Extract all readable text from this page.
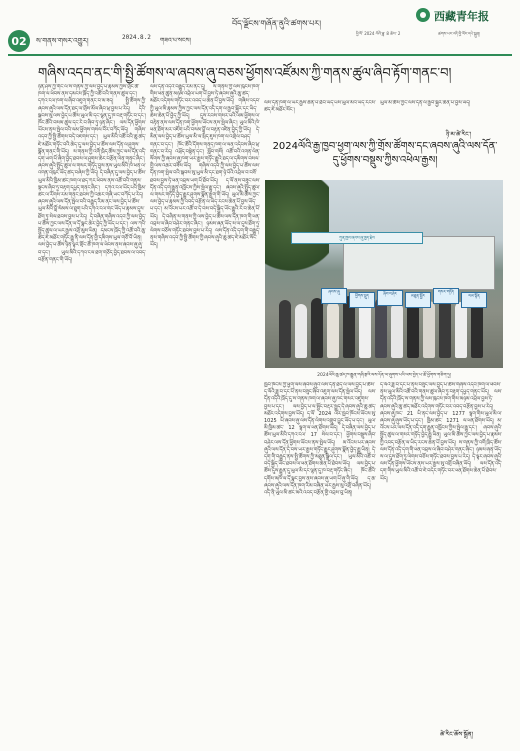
02	ས་གནས་གསར་འགྱུར།	2024.8.2 གཟའ་པ་སངས།
བོད་ལྗོངས་གཞོན་ནུའི་ཚགས་པར།
西藏青年报
ཕྱི་ལོ་ 2024 ལོའི་ཟླ་ 8 ཚེས་ 2	ཚགས་པར་འདི་ཕྱི་ལོར་དཔེ་སྐྲུན།
གཞིས་འདབ་ནང་གི་སྤྱི་ཚོགས་ལ་ཞབས་ཞུ་བཅས་ཕྱོགས་འཛོམས་ཀྱི་གནས་ཚུལ་ཞིབ་རྟོག་གནང་བ།
ཉིན་ཤས་ཀྱི་གོང་ལ་ས་གནས་ཀྱི་ལས་བྱེད་པ་རྣམས་ཀྱིས་གྲོང་ཚོ་ཁག་ལ་ཕེབས་ནས་དམངས་ཁྲོད་ཀྱི་འཚོ་བའི་གནས་ཚུལ་དང་། དཀའ་ངལ་ཁག་ལ་ཞིབ་འཇུག་གནང་བ་མ་ཟད། སྤྱི་ཚོགས་ཀྱི་ཞབས་ཞུའི་ལས་དོན་ཐད་ལ་གྲོས་མོལ་ཞིབ་ཕྲ་བྱས་པ་རེད། དེའི་སྐབས་སུ་ལས་བྱེད་པ་ཚོས་ཡུལ་མི་དང་ལྷན་དུ་ཁ་བརྡ་གཏོང་བ་དང་། ཁོང་ཚོའི་བསམ་ཚུལ་དང་རེ་བ་ཞིབ་ཏུ་ཉན་ཞིང་། ལས་དོན་ཕྱོགས་ཡོངས་ནས་སྤེལ་བའི་ལམ་ཕྱོགས་གསལ་བོར་བཀོད་ཡོད། གཞིས་འདབ་ཀྱི་སྤྱི་ཚོགས་བདེ་འཇགས་དང་། ཡུལ་མིའི་འཚོ་བའི་ཆུ་ཚད་ཇེ་མཐོར་གཏོང་བའི་ཆེད་དུ་ལས་བྱེད་པ་ཚོས་ལས་དོན་ལ་ཤུགས་སྣོན་གནང་གི་ཡོད། ས་གནས་ཀྱི་འགོ་ཁྲིད་ཚོས་ཀྱང་ལས་དོན་འདི་དག་ཡག་པོ་ཞིག་བྱེད་ཐབས་ལ་ཤུགས་ཆེར་བརྩོན་ལེན་གནང་ཞིང་། ཞབས་ཞུའི་སྤྱོད་ཚུལ་ལ་གསར་གཏོད་བྱས་ནས་ཡུལ་མིའི་ཁེ་ཕན་ལ་འགན་འཁུར་ཡོད་ཚད་བཞེས་ཀྱི་ཡོད། དེ་བཞིན་དུ་ལས་བྱེད་པ་ཚོས་ཡུལ་མིའི་ཁྱིམ་ཚང་ཁག་ལ་ཐད་ཀར་ཕེབས་ནས་འཚོ་བའི་གནས་སྟངས་ཞིབ་ཏུ་བརྟག་དཔྱད་གནང་ཞིང་། དཀའ་ངལ་ཡོད་པའི་ཁྱིམ་ཚང་ལ་རོགས་རམ་གནང་ཐབས་ཀྱི་འཆར་གཞི་ཡང་བཀོད་པ་རེད། ཞབས་ཞུའི་ལས་དོན་སྤེལ་བའི་བརྒྱུད་རིམ་ནང་ལས་བྱེད་པ་ཚོས་ཡུལ་མིའི་བློ་སེམས་ལ་ཐུག་པའི་དཀའ་ངལ་གང་ཡོད་པ་རྣམས་དུས་ཐོག་ཏུ་སེལ་ཐབས་བྱས་པ་རེད། དེ་བཞིན་གཞིས་འདབ་ཀྱི་ལས་བྱེད་པ་ཚོས་ཀྱང་ལས་དོན་ལ་དོ་སྣང་ཆེར་བྱེད་ཀྱི་ཡོད་པ་དང་། ལས་ཀའི་སྤྱོད་ཚུལ་ལ་ཡར་རྒྱས་འགྲོ་མུས་ཡིན། དམངས་ཁྲོད་ཀྱི་འཚོ་བའི་ཆུ་ཚད་ཇེ་མཐོར་གཏོང་རྒྱུ་ནི་ལས་དོན་གྱི་དམིགས་ཡུལ་གཙོ་བོ་ཡིན། ལས་བྱེད་པ་ཚོས་ཉིན་ལྟར་གྲོང་ཚོ་ཁག་ལ་ཕེབས་ནས་ཞབས་ཞུ་ཞུ་བ་དང་། ཡུལ་མིའི་དཀའ་ངལ་ཐག་གཅོད་བྱེད་ཐབས་ལ་འབད་བརྩོན་གནང་གི་ཡོད།
ལས་དོན་འདིའི་བརྒྱུད་རིམ་ནང་དུ། ས་གནས་ཀྱི་ལས་ཁུངས་ཁག་གིས་ཕན་ཚུན་མཉམ་འབྲེལ་ཡག་པོ་བྱས་ཏེ་ཞབས་ཞུའི་ཆུ་ཚད་མཐོར་འདེགས་གཏོང་བར་འབད་པ་ཆེན་པོ་བྱས་ཡོད། གཞིས་འདབ་ཀྱི་ཡུལ་མི་རྣམས་ཀྱིས་ཀྱང་ལས་དོན་འདི་དག་ལ་རྒྱབ་སྐྱོར་དང་ཡིད་ཆེས་ཆེན་པོ་བྱེད་ཀྱི་ཡོད། དུས་རབས་གསར་པའི་ལམ་ཕྱོགས་ལ་བརྟེན་ནས་ལས་དོན་ཁག་ཕྱོགས་ཡོངས་ནས་སྤེལ་ཞིང་། ཡུལ་མིའི་ཁེ་ཕན་ཐོག་མར་འཇོག་པའི་བསམ་བློ་ལ་བརྟན་འཛིན་བྱེད་ཀྱི་ཡོད། དེ་མིན་ལས་བྱེད་པ་ཚོས་ཡུལ་མི་ལ་སྲིད་ཇུས་ཁག་ལ་འགྲེལ་བཤད་གནང་བ་དང་། ཁོང་ཚོའི་དོགས་གནད་ཁག་ལ་ལན་འདེབས་ཞིབ་ཕྲ་གནང་བ་རེད། འཕྲོད་བསྟེན་དང་། སློབ་གསོ། འཚོ་བའི་འགན་ལེན་སོགས་ཀྱི་ཞབས་ཞུ་ཁག་ཡར་རྒྱས་གཏོང་རྒྱུའི་ཐད་ལ་དམིགས་བསལ་གྱི་ལས་འཆར་བཟོས་ཡོད། གཞིས་འདབ་ཀྱི་ལས་བྱེད་པ་ཚོས་ལས་དོན་ཁག་སྤེལ་བའི་སྐབས་སུ་ཡུལ་མི་དང་ཐག་ཉེ་པོའི་འབྲེལ་བ་བཟོ་ཐབས་བྱས་ཏེ་ཕན་འབྲས་ཡག་པོ་ཐོབ་ཡོད། ད་ལོ་ནས་བཟུང་ལས་དོན་འདི་དག་རྒྱུན་འཁྱོངས་ཀྱིས་སྤེལ་རྒྱུ་དང་། ཞབས་ཞུའི་སྤྱོད་ཚུལ་ལ་གསར་གཏོད་བྱེད་རྒྱུར་ཤུགས་སྣོན་རྒྱག་གི་ཡོད། ཡུལ་མི་ཚོས་ཀྱང་ལས་བྱེད་པ་རྣམས་ཀྱི་འབད་བརྩོན་ལ་ཡིད་རངས་ཆེན་པོ་བྱས་ཡོད་པ་དང་། མ་འོངས་པར་འཚོ་བ་དེ་བས་བདེ་སྐྱིད་ཡོང་རྒྱུའི་རེ་བ་ཆེན་པོ་ཡོད། དེ་བཞིན་ས་གནས་ཀྱི་ལས་བྱེད་པ་ཚོས་ལས་དོན་ཁག་གི་ཕན་འབྲས་ལ་ཞིབ་བཤེར་གནང་ཞིང་། ཉམས་ཞན་ཡོད་ས་ལ་དུས་ཐོག་ཏུ་ལེགས་བཅོས་གཏོང་ཐབས་བྱས་པ་རེད། ལས་དོན་འདི་དག་གི་བརྒྱུད་ནས་གཞིས་འདབ་ཀྱི་སྤྱི་ཚོགས་ཀྱི་ཞབས་ཞུའི་ཆུ་ཚད་ཇེ་མཐོར་སོང་ཡོད།
ལས་དོན་ཁག་ལ་ཡར་རྒྱས་ཆེན་པོ་ཐོབ་ཡོད་པས་ཡུལ་མིའི་ཡིད་རངས་ཚད་ཇེ་མཐོར་སོང་།
ཡུལ་མི་ཚོས་ཀྱང་ལས་དོན་ལ་རྒྱབ་སྐྱོར་ཆེན་པོ་བྱས་ཡོད།
ཉི་མ་ཚེ་རིང་།
2024ལོའི་རྒྱ་ཁྱབ་ཕྱག་ལས་ཀྱི་གྲོས་ཚོགས་དང་ཞབས་ཞུའི་ལས་དོན་དུ་ཕྱོགས་བསྡུས་ཀྱིས་འཕེལ་རྒྱས།
ཀུན་ཁྱབ་ཞབས་ཞུ་ཁྱད་རྗེས
ཞབས་ཞུ
ཕྱོགས་སྡུད	ཞིབ་བཤེར	མཐུན་སྦྱོར
གསར་གཏོད
ལམ་སྟོན
2024ལོའི་ཆུ་ཚད་ཁ་རྒྱུན་གཞི་རྩའི་ལས་དོན་ལ་ཞུགས་པའི་ལས་བྱེད་པ་ཚོ་ཕྱོགས་གཅིག་ཏུ།
ཁྱབ་ཁོངས་ཀྱི་ཕྱག་ལས་ཞབས་ཞུའི་ལས་དོན་ཐད་ལ་ལས་བྱེད་པ་ཚོས་ད་ལོའི་ཟླ་བ་དང་པོ་ནས་བཟུང་ཞིབ་འཇུག་ལས་དོན་སྤེལ་ཡོད། ལས་དོན་འདིའི་ཁྲོད་དུ་ས་གནས་ཁག་ལ་ཞབས་ཞུ་ཁང་གསར་འཛུགས་བྱས་པ་དང་། ལས་བྱེད་པ་ལ་སྦྱོང་བརྡར་སྤྲད་དེ་ཞབས་ཞུའི་ཆུ་ཚད་མཐོར་འདེགས་བྱས་ཡོད། ད་ལོ་ 2024 ལོར་ཁྱབ་ཁོངས་ཡོངས་སུ་ 1025 ཡི་ཞབས་ཞུ་ལས་དོན་ལེགས་འགྲུབ་བྱུང་ཡོད་པ་དང་། ཡུལ་མི་ཁྱིམ་ཚང་ 12 ལྷག་ལ་ཕན་ཐོགས་ཡོད། དེ་བཞིན་ལས་བྱེད་པ་ཚོས་ཡུལ་མིའི་དཀའ་ངལ་ 17 སེལ་བ་དང་། ཕྱོགས་བསྡུས་ཞིབ་བཤེར་ལས་དོན་ཕྱོགས་ཡོངས་ནས་སྤེལ་ཡོད། མ་འོངས་པར་ཞབས་ཞུའི་ལས་དོན་དེ་བས་ཡར་རྒྱས་གཏོང་རྒྱུར་ཤུགས་སྣོན་བྱེད་རྒྱུ་ཡིན། དེ་དག་གི་བརྒྱུད་ནས་སྤྱི་ཚོགས་ཀྱི་མཐུན་སྒྲིལ་དང་། ཡུལ་མིའི་འཚོ་བ་བདེ་སྐྱིད་ཡོང་ཐབས་ལ་ཕན་ཐོགས་ཆེན་པོ་ཐེབས་ཡོད། ལས་བྱེད་པ་ཚོས་དུས་རྒྱུན་དུ་ཡུལ་མི་དང་ལྷན་དུ་ཁ་བརྡ་གཏོང་ཞིང་། ཁོང་ཚོའི་དགོས་མཁོ་ལ་དོ་སྣང་བྱས་ནས་ཞབས་ཞུ་ཡག་པོ་ཞུ་གི་ཡོད། ད་ཆ་ཞབས་ཞུའི་ལས་དོན་ཁག་རིམ་བཞིན་ཡར་རྒྱས་སུ་འགྲོ་བཞིན་ཡོད། འདི་ནི་ཡུལ་མི་ཚང་མའི་འབད་བརྩོན་གྱི་འབྲས་བུ་ཡིན།
ད་ལོའི་ཟླ་བ་དང་པོ་ནས་བཟུང་ལས་བྱེད་པ་ཚོས་གཞིས་འདབ་ཁག་ལ་ཕེབས་ནས་ཡུལ་མིའི་འཚོ་བའི་གནས་ཚུལ་ཞིབ་ཏུ་བརྟག་དཔྱད་གནང་ཡོད། ལས་དོན་འདིའི་ཁྲོད་ས་གནས་ཀྱི་ལས་ཁུངས་ཁག་གིས་མཉམ་འབྲེལ་བྱས་ཏེ་ཞབས་ཞུའི་ཆུ་ཚད་མཐོར་འདེགས་གཏོང་བར་འབད་བརྩོན་བྱས་པ་རེད། ཞབས་ཞུ་ཁང་ 21 ཡི་ནང་ལས་བྱེད་པ་ 1277 ལྷག་གིས་ཡུལ་མི་ལ་ཞབས་ཞུ་ཞུས་ཡོད་པ་དང་། ཁྱིམ་ཚང་ 1271 ལ་ཕན་ཐོགས་ཡོད། མ་འོངས་པར་ལས་དོན་འདི་དག་རྒྱུན་འཁྱོངས་ཀྱིས་སྤེལ་རྒྱུ་དང་། ཞབས་ཞུའི་སྤྱོད་ཚུལ་ལ་གསར་གཏོད་བྱེད་རྒྱུ་ཡིན། ཡུལ་མི་ཚོས་ཀྱང་ལས་བྱེད་པ་རྣམས་ཀྱི་འབད་བརྩོན་ལ་ཡིད་རངས་ཆེན་པོ་བྱས་ཡོད། ས་གནས་ཀྱི་འགོ་ཁྲིད་ཚོས་ལས་དོན་འདི་དག་གི་ཕན་འབྲས་ལ་ཞིབ་བཤེར་གནང་ཞིང་། ཉམས་ཞན་ཡོད་ས་ལ་དུས་ཐོག་ཏུ་ལེགས་བཅོས་གཏོང་ཐབས་བྱས་པ་རེད། དེ་ལྟར་ཞབས་ཞུའི་ལས་དོན་ཕྱོགས་ཡོངས་ནས་ཡར་རྒྱས་སུ་འགྲོ་བཞིན་ཡོད། ལས་དོན་འདི་དག་གིས་ཡུལ་མིའི་འཚོ་བ་ཇེ་བདེར་གཏོང་བར་ཕན་ཐོགས་ཆེན་པོ་ཐེབས་ཡོད།
ཚེ་རིང་ཆོས་སྒྲོན།
